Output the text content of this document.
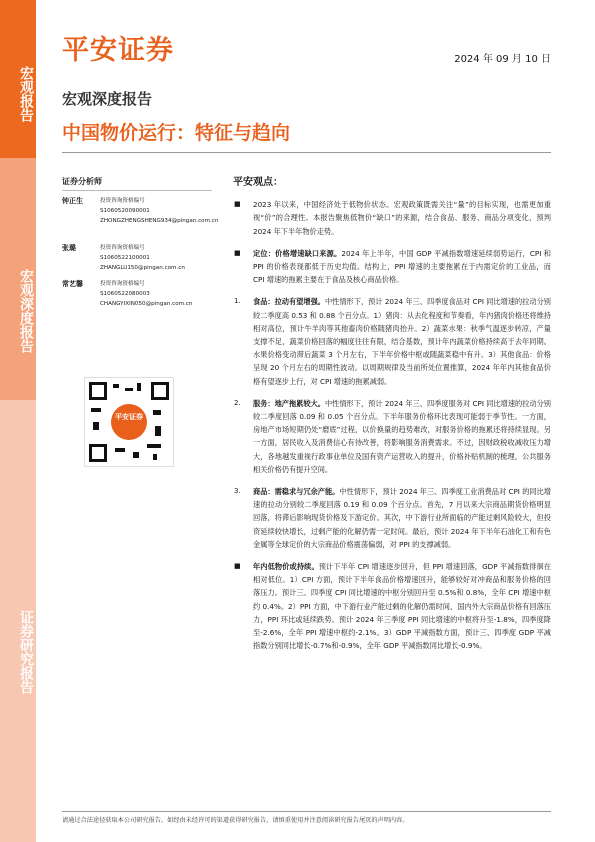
宏观报告
宏观深度报告
证券研究报告
平安证券	2024 年 09 月 10 日
宏观深度报告
中国物价运行：特征与趋向
证券分析师
钟正生	投资咨询资格编号
S1060520090001
ZHONGZHENGSHENG934@pingan.com.cn
张璐	投资咨询资格编号
S1060522100001
ZHANGLU150@pingan.com.cn
常艺馨	投资咨询资格编号
S1060522080003
CHANGYIXIN050@pingan.com.cn
平安证券
平安观点：
■ 2023 年以来，中国经济处于低物价状态。宏观政策既需关注“量”的目标实现，也需更加重视“价”的合理性。本报告聚焦低物价“缺口”的来源，结合食品、服务、商品分项变化，预判 2024 年下半年物价走势。
■ 定位：价格增速缺口来源。2024 年上半年，中国 GDP 平减指数增速延续弱势运行，CPI 和 PPI 的价格表现都低于历史均值。结构上，PPI 增速的主要拖累在于内需定价的工业品，而 CPI 增速的拖累主要在于食品及核心商品价格。
1. 食品：拉动有望增强。中性情形下，预计 2024 年三、四季度食品对 CPI 同比增速的拉动分别较二季度高 0.53 和 0.88 个百分点。1）猪肉：从去化程度和节奏看，年内猪肉价格还将维持相对高位，预计牛羊肉等其他畜肉价格随猪肉抬升。2）蔬菜水果：秋季气温逐步转凉，产量支撑不足，蔬菜价格回落的幅度往往有限，结合基数，预计年内蔬菜价格持续高于去年同期。水果价格变动滞后蔬菜 3 个月左右，下半年价格中枢或随蔬菜稳中有升。3）其他食品：价格呈现 20 个月左右的周期性波动。以周期规律及当前所处位置推算，2024 年年内其他食品价格有望逐步上行，对 CPI 增速的拖累减弱。
2. 服务：地产拖累较大。中性情形下，预计 2024 年三、四季度服务对 CPI 同比增速的拉动分别较二季度回落 0.09 和 0.05 个百分点。下半年服务价格环比表现可能弱于季节性。一方面，房地产市场短期仍处“磨底”过程，以价换量的趋势难改，对服务价格的拖累还将持续显现。另一方面，居民收入及消费信心有待改善，将影响服务消费需求。不过，因财政税收减收压力增大，各地越发重视行政事业单位及国有资产运营收入的提升，价格补贴机制的梳理，公共服务相关价格仍有提升空间。
3. 商品：需稳求与冗余产能。中性情形下，预计 2024 年三、四季度工业消费品对 CPI 的同比增速的拉动分别较二季度回落 0.19 和 0.09 个百分点。首先，7 月以来大宗商品期货价格明显回落，将滞后影响现货价格及下游定价。其次，中下游行业所面临的产能过剩风险较大，但投资延续较快增长，过剩产能的化解仍需一定时间。最后，预计 2024 年下半年石油化工和有色金属等全球定价的大宗商品价格震荡偏弱，对 PPI 的支撑减弱。
■ 年内低物价或持续。预计下半年 CPI 增速逐步回升，但 PPI 增速回落，GDP 平减指数徘徊在相对低位。1）CPI 方面，预计下半年食品价格增速回升，能够较好对冲商品和服务价格的回落压力。预计三、四季度 CPI 同比增速的中枢分别回升至 0.5%和 0.8%，全年 CPI 增速中枢约 0.4%。2）PPI 方面，中下游行业产能过剩的化解仍需时间，国内外大宗商品价格有回落压力，PPI 环比或延续跌势。预计 2024 年三季度 PPI 同比增速的中枢将升至-1.8%，四季度降至-2.6%，全年 PPI 增速中枢约-2.1%。3）GDP 平减指数方面，预计三、四季度 GDP 平减指数分别同比增长-0.7%和-0.9%，全年 GDP 平减指数同比增长-0.9%。
请通过合法途径获取本公司研究报告，如经由未经许可的渠道获得研究报告，请慎重使用并注意阅读研究报告尾页的声明内容。
